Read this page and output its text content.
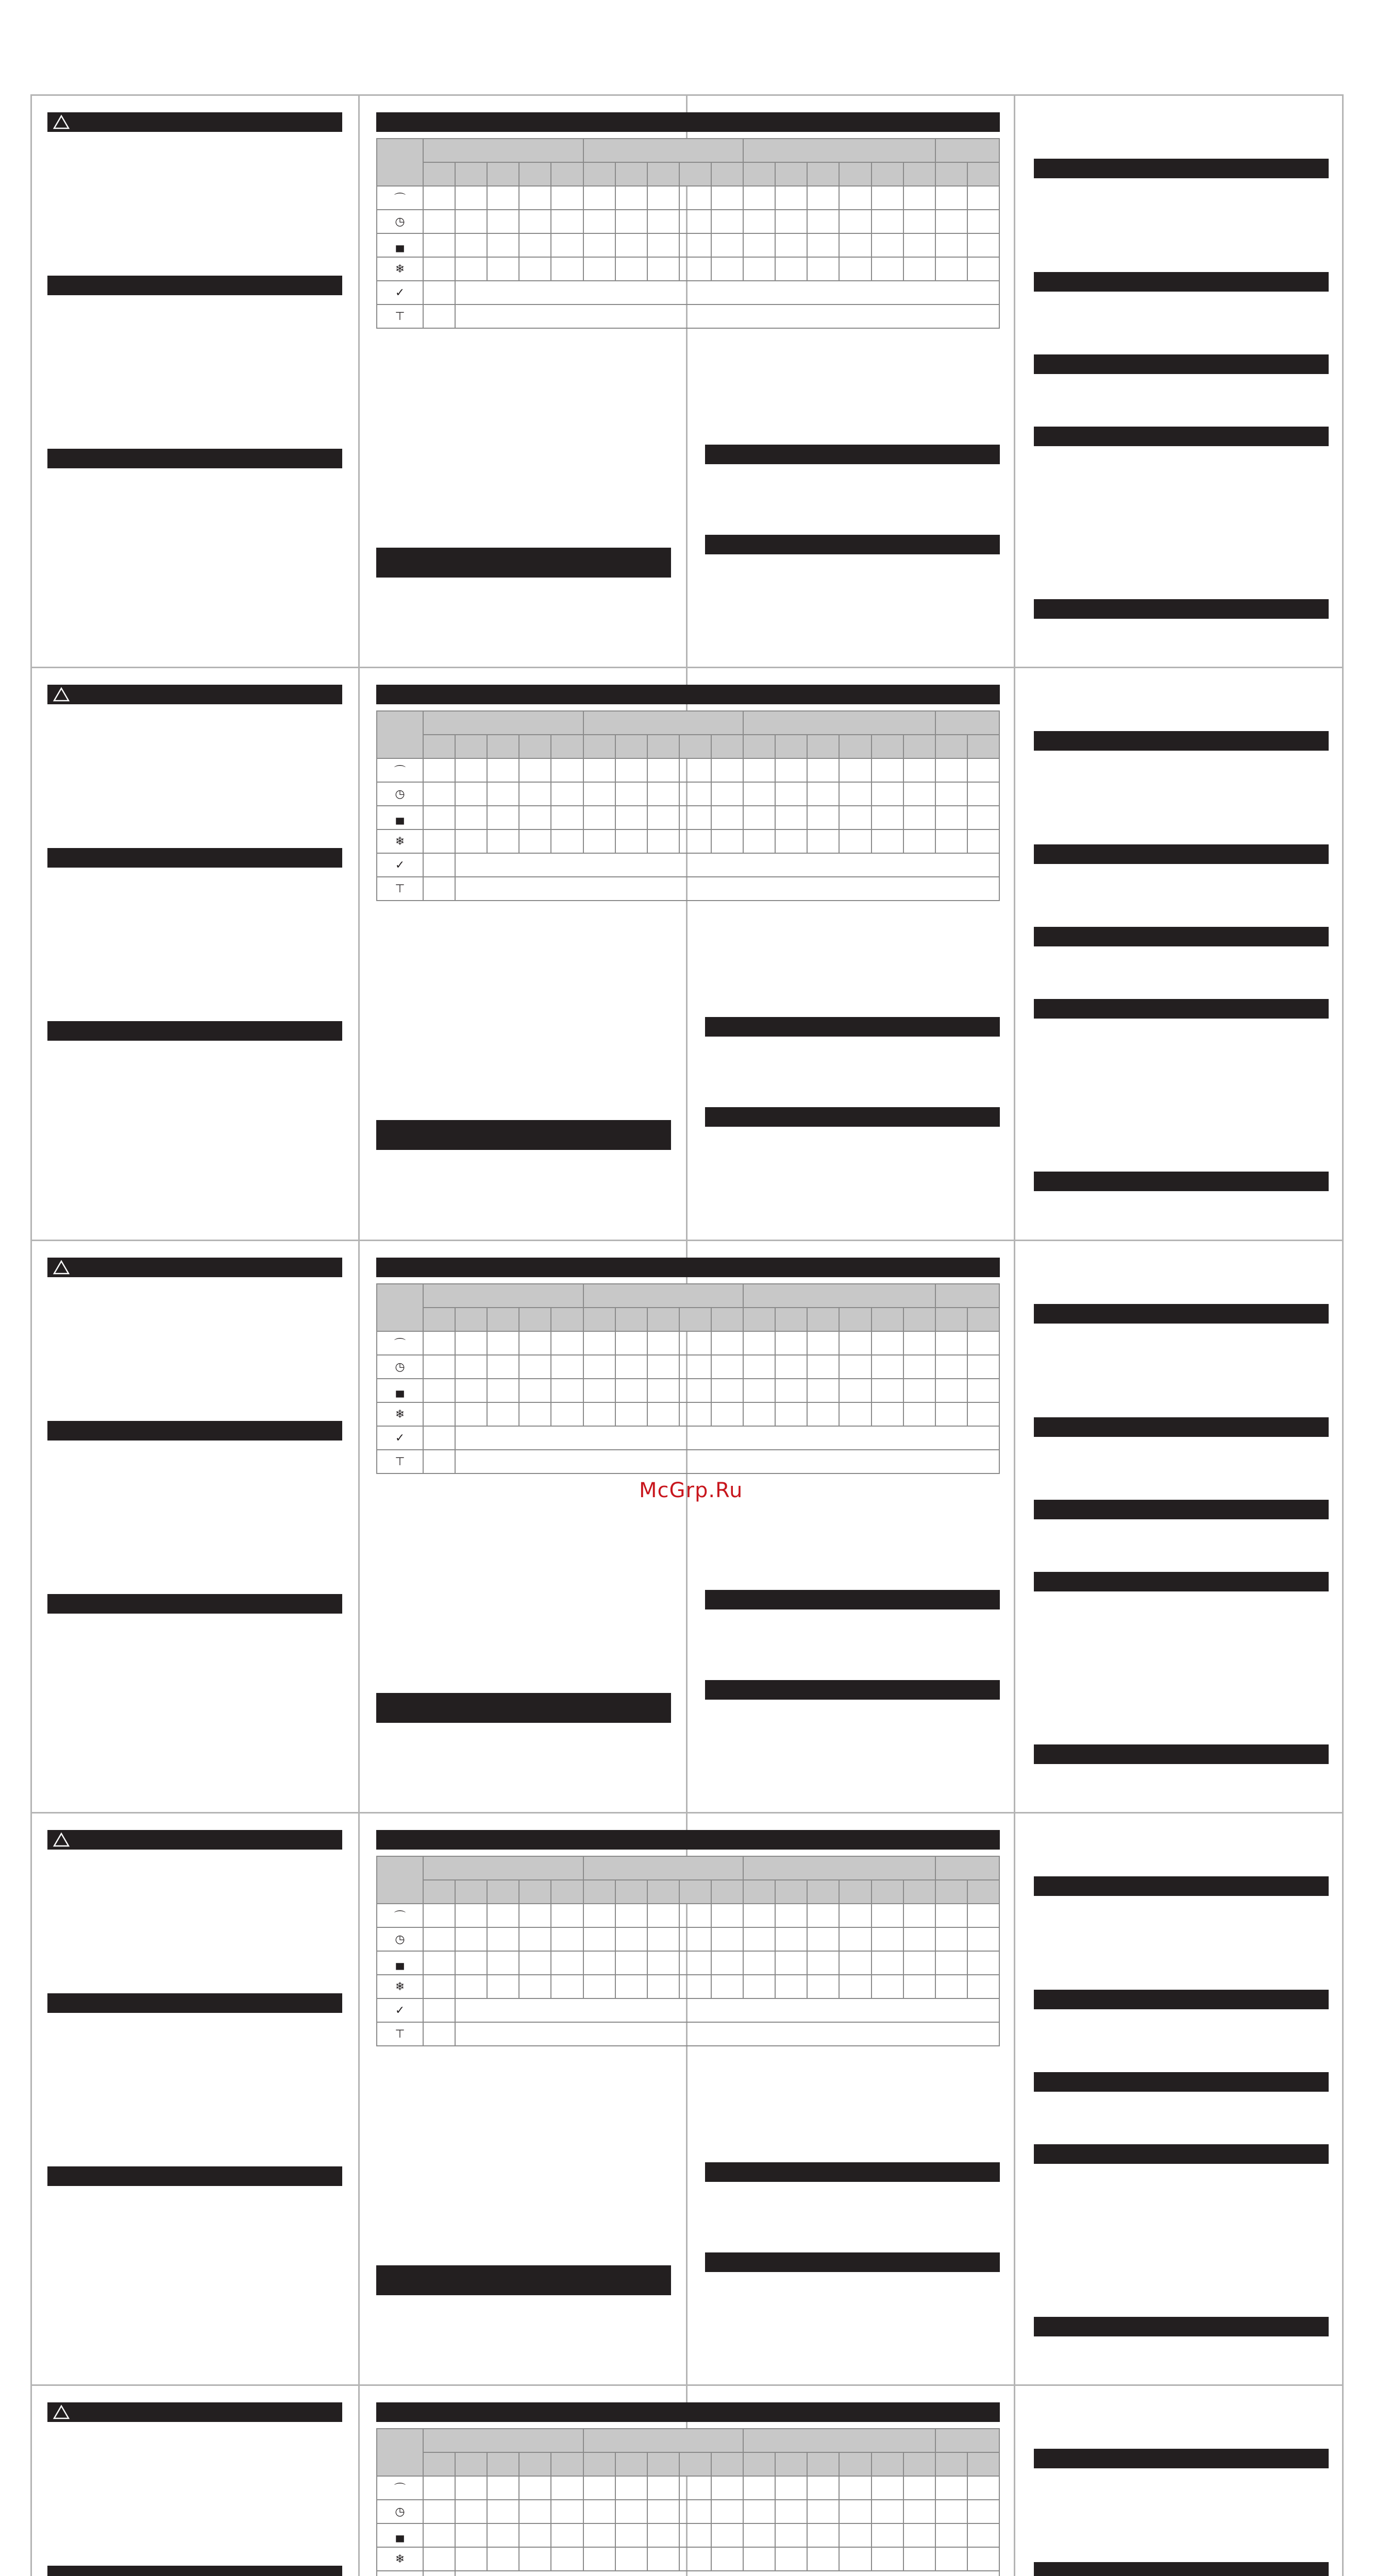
⌒																		
◷																		
▄																		
❄																		
✓																		
⊤																		

⌒																		
◷																		
▄																		
❄																		
✓																		
⊤																		

⌒																		
◷																		
▄																		
❄																		
✓																		
⊤																		

⌒																		
◷																		
▄																		
❄																		
✓																		
⊤																		

⌒																		
◷																		
▄																		
❄																		

McGrp.Ru
